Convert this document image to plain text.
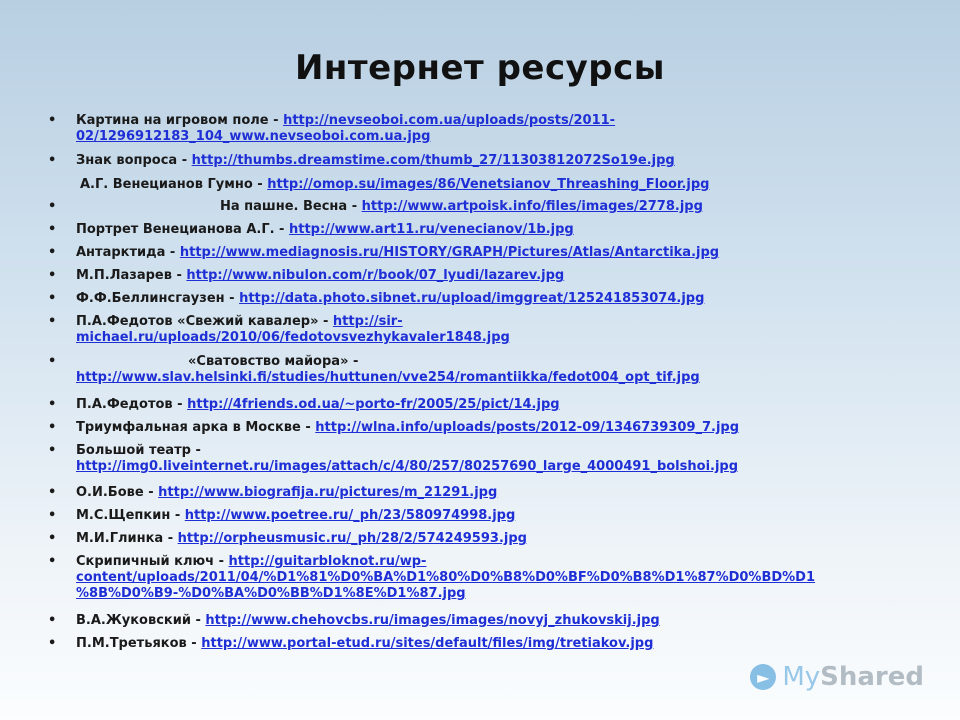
Интернет ресурсы
• Картина на игровом поле - http://nevseoboi.com.ua/uploads/posts/2011-
02/1296912183_104_www.nevseoboi.com.ua.jpg
• Знак вопроса - http://thumbs.dreamstime.com/thumb_27/11303812072So19e.jpg
А.Г. Венецианов Гумно - http://omop.su/images/86/Venetsianov_Threashing_Floor.jpg
•	На пашне. Весна - http://www.artpoisk.info/files/images/2778.jpg
• Портрет Венецианова А.Г. - http://www.art11.ru/venecianov/1b.jpg
• Антарктида - http://www.mediagnosis.ru/HISTORY/GRAPH/Pictures/Atlas/Antarctika.jpg
• М.П.Лазарев - http://www.nibulon.com/r/book/07_lyudi/lazarev.jpg
• Ф.Ф.Беллинсгаузен - http://data.photo.sibnet.ru/upload/imggreat/125241853074.jpg
• П.А.Федотов «Свежий кавалер» - http://sir-
michael.ru/uploads/2010/06/fedotovsvezhykavaler1848.jpg
•	«Сватовство майора» -
http://www.slav.helsinki.fi/studies/huttunen/vve254/romantiikka/fedot004_opt_tif.jpg
• П.А.Федотов - http://4friends.od.ua/~porto-fr/2005/25/pict/14.jpg
• Триумфальная арка в Москве - http://wlna.info/uploads/posts/2012-09/1346739309_7.jpg
• Большой театр -
http://img0.liveinternet.ru/images/attach/c/4/80/257/80257690_large_4000491_bolshoi.jpg
• О.И.Бове - http://www.biografija.ru/pictures/m_21291.jpg
• М.С.Щепкин - http://www.poetree.ru/_ph/23/580974998.jpg
• М.И.Глинка - http://orpheusmusic.ru/_ph/28/2/574249593.jpg
• Скрипичный ключ - http://guitarbloknot.ru/wp-
content/uploads/2011/04/%D1%81%D0%BA%D1%80%D0%B8%D0%BF%D0%B8%D1%87%D0%BD%D1
%8B%D0%B9-%D0%BA%D0%BB%D1%8E%D1%87.jpg
• В.А.Жуковский - http://www.chehovcbs.ru/images/images/novyj_zhukovskij.jpg
• П.М.Третьяков - http://www.portal-etud.ru/sites/default/files/img/tretiakov.jpg
► MyShared
